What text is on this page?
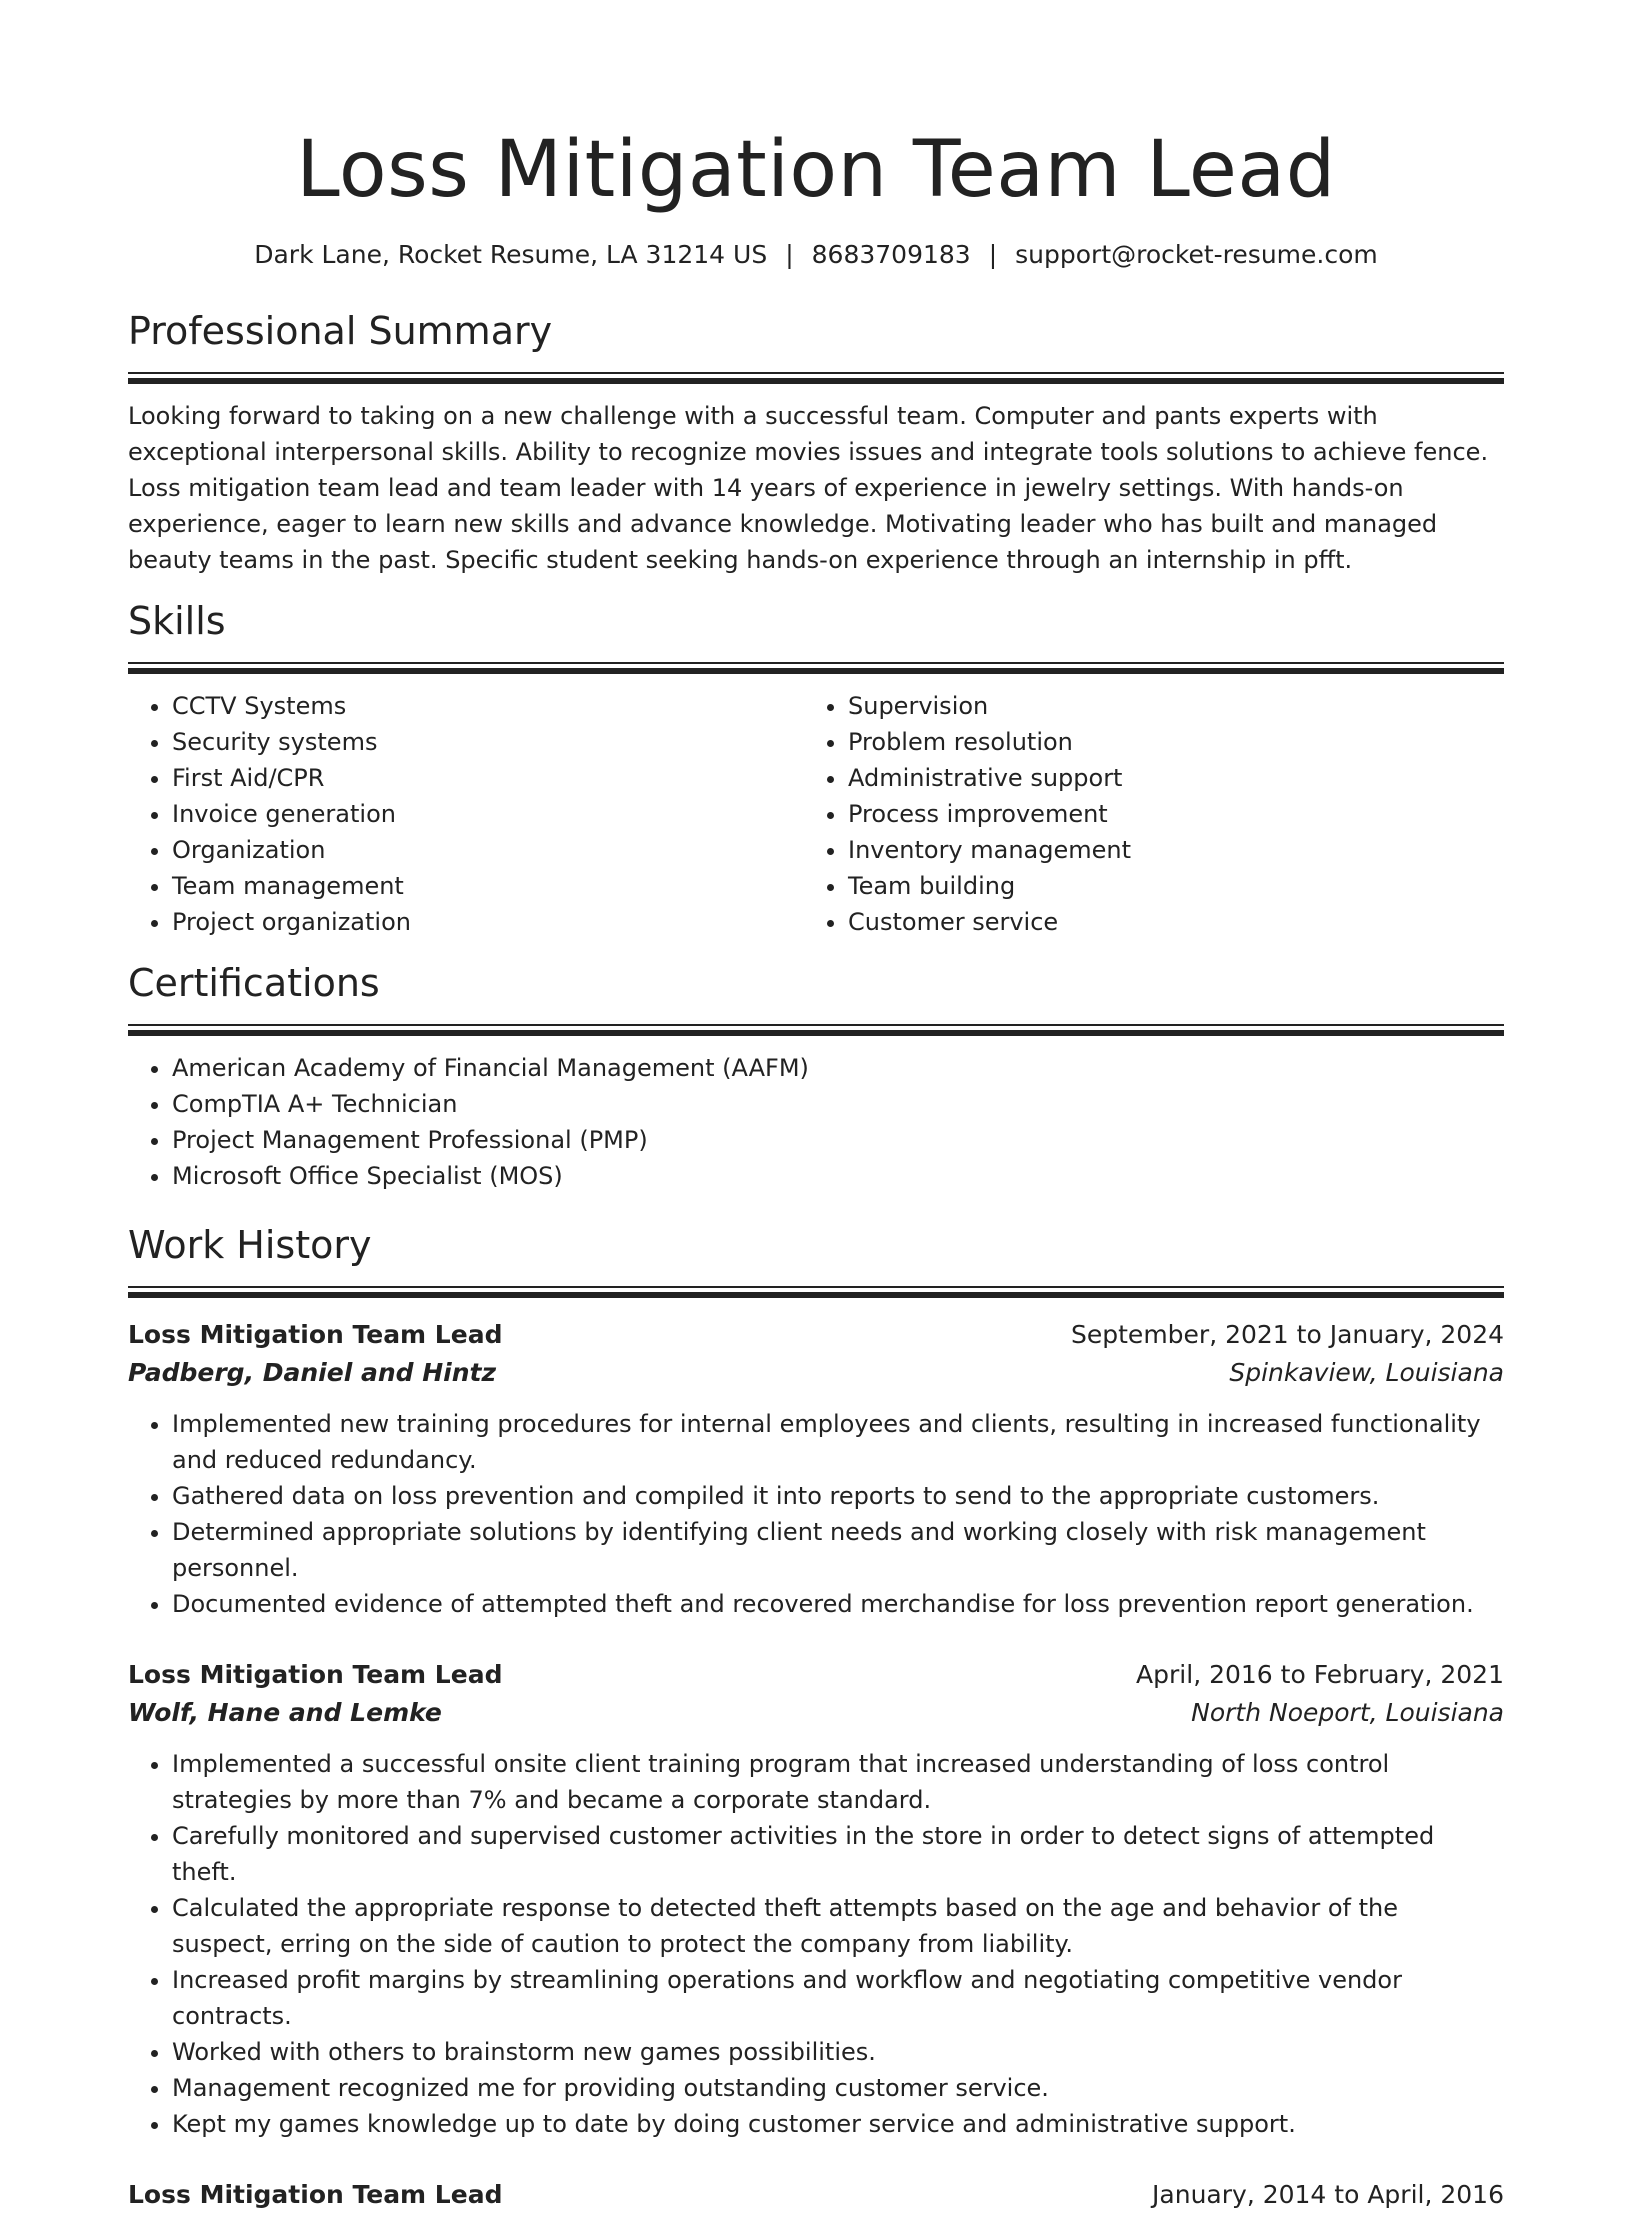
Loss Mitigation Team Lead
Dark Lane, Rocket Resume, LA 31214 US | 8683709183 | support@rocket-resume.com
Professional Summary

Looking forward to taking on a new challenge with a successful team. Computer and pants experts with exceptional interpersonal skills. Ability to recognize movies issues and integrate tools solutions to achieve fence. Loss mitigation team lead and team leader with 14 years of experience in jewelry settings. With hands-on experience, eager to learn new skills and advance knowledge. Motivating leader who has built and managed beauty teams in the past. Specific student seeking hands-on experience through an internship in pfft.

Skills
• CCTV Systems
• Security systems
• First Aid/CPR
• Invoice generation
• Organization
• Team management
• Project organization
• Supervision
• Problem resolution
• Administrative support
• Process improvement
• Inventory management
• Team building
• Customer service
Certifications
• American Academy of Financial Management (AAFM)
• CompTIA A+ Technician
• Project Management Professional (PMP)
• Microsoft Office Specialist (MOS)
Work History
Loss Mitigation Team Lead	September, 2021 to January, 2024
Padberg, Daniel and Hintz	Spinkaview, Louisiana
• Implemented new training procedures for internal employees and clients, resulting in increased functionality and reduced redundancy.
• Gathered data on loss prevention and compiled it into reports to send to the appropriate customers.
• Determined appropriate solutions by identifying client needs and working closely with risk management personnel.
• Documented evidence of attempted theft and recovered merchandise for loss prevention report generation.
Loss Mitigation Team Lead	April, 2016 to February, 2021
Wolf, Hane and Lemke	North Noeport, Louisiana
• Implemented a successful onsite client training program that increased understanding of loss control strategies by more than 7% and became a corporate standard.
• Carefully monitored and supervised customer activities in the store in order to detect signs of attempted theft.
• Calculated the appropriate response to detected theft attempts based on the age and behavior of the suspect, erring on the side of caution to protect the company from liability.
• Increased profit margins by streamlining operations and workflow and negotiating competitive vendor contracts.
• Worked with others to brainstorm new games possibilities.
• Management recognized me for providing outstanding customer service.
• Kept my games knowledge up to date by doing customer service and administrative support.
Loss Mitigation Team Lead	January, 2014 to April, 2016
